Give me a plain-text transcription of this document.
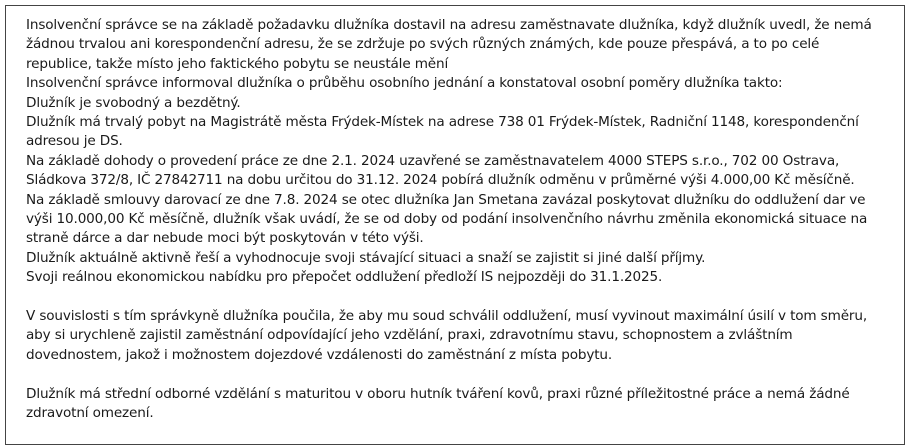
Insolvenční správce se na základě požadavku dlužníka dostavil na adresu zaměstnavate dlužníka, když dlužník uvedl, že nemá
žádnou trvalou ani korespondenční adresu, že se zdržuje po svých různých známých, kde pouze přespává, a to po celé
republice, takže místo jeho faktického pobytu se neustále mění
Insolvenční správce informoval dlužníka o průběhu osobního jednání a konstatoval osobní poměry dlužníka takto:
Dlužník je svobodný a bezdětný.
Dlužník má trvalý pobyt na Magistrátě města Frýdek-Místek na adrese 738 01 Frýdek-Místek, Radniční 1148, korespondenční
adresou je DS.
Na základě dohody o provedení práce ze dne 2.1. 2024 uzavřené se zaměstnavatelem 4000 STEPS s.r.o., 702 00 Ostrava,
Sládkova 372/8, IČ 27842711 na dobu určitou do 31.12. 2024 pobírá dlužník odměnu v průměrné výši 4.000,00 Kč měsíčně.
Na základě smlouvy darovací ze dne 7.8. 2024 se otec dlužníka Jan Smetana zavázal poskytovat dlužníku do oddlužení dar ve
výši 10.000,00 Kč měsíčně, dlužník však uvádí, že se od doby od podání insolvenčního návrhu změnila ekonomická situace na
straně dárce a dar nebude moci být poskytován v této výši.
Dlužník aktuálně aktivně řeší a vyhodnocuje svoji stávající situaci a snaží se zajistit si jiné další příjmy.
Svoji reálnou ekonomickou nabídku pro přepočet oddlužení předloží IS nejpozději do 31.1.2025.
V souvislosti s tím správkyně dlužníka poučila, že aby mu soud schválil oddlužení, musí vyvinout maximální úsilí v tom směru,
aby si urychleně zajistil zaměstnání odpovídající jeho vzdělání, praxi, zdravotnímu stavu, schopnostem a zvláštním
dovednostem, jakož i možnostem dojezdové vzdálenosti do zaměstnání z místa pobytu.
Dlužník má střední odborné vzdělání s maturitou v oboru hutník tváření kovů, praxi různé příležitostné práce a nemá žádné
zdravotní omezení.
